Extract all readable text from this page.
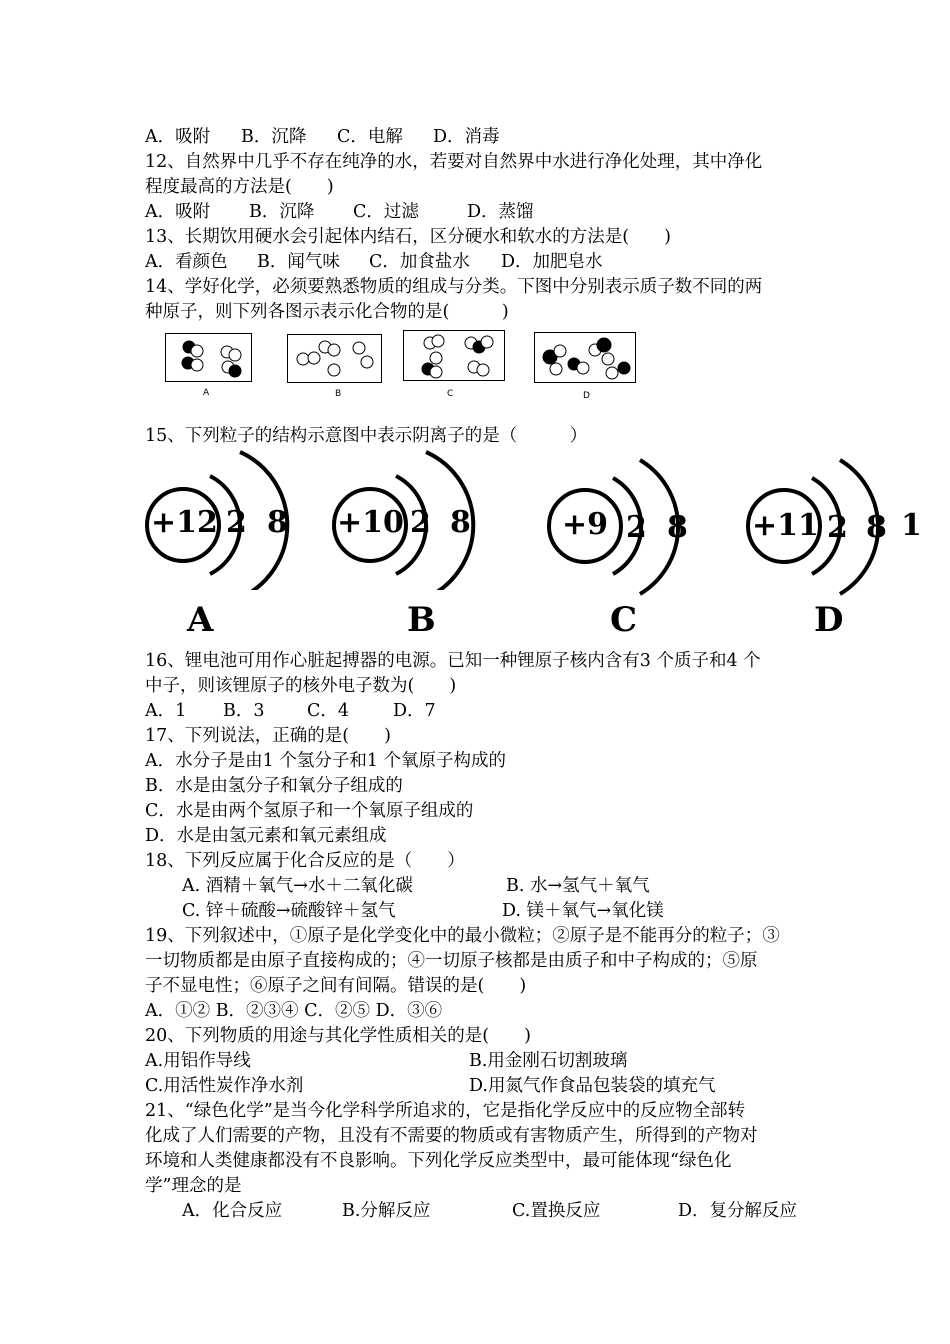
A．吸附 B．沉降 C．电解 D．消毒
12、自然界中几乎不存在纯净的水，若要对自然界中水进行净化处理，其中净化
程度最高的方法是(　　)
A．吸附 B．沉降 C．过滤	D．蒸馏
13、长期饮用硬水会引起体内结石，区分硬水和软水的方法是(　　)
A．看颜色 B．闻气味 C．加食盐水 D．加肥皂水
14、学好化学，必须要熟悉物质的组成与分类。下图中分别表示质子数不同的两
种原子，则下列各图示表示化合物的是(　　　)
A	B	C	D
15、下列粒子的结构示意图中表示阴离子的是（　　　）
+12 2 8
A
+10 2 8
B
+9 2 8
C
+11 2 8 1
D
16、锂电池可用作心脏起搏器的电源。已知一种锂原子核内含有3 个质子和4 个
中子，则该锂原子的核外电子数为(　　)
A．1 B．3 C．4	D．7
17、下列说法，正确的是(　　)
A．水分子是由1 个氢分子和1 个氧原子构成的
B．水是由氢分子和氧分子组成的
C．水是由两个氢原子和一个氧原子组成的
D．水是由氢元素和氧元素组成
18、下列反应属于化合反应的是（　　）
A. 酒精＋氧气→水＋二氧化碳	B. 水→氢气＋氧气
C. 锌＋硫酸→硫酸锌＋氢气	D. 镁＋氧气→氧化镁
19、下列叙述中，①原子是化学变化中的最小微粒；②原子是不能再分的粒子；③
一切物质都是由原子直接构成的；④一切原子核都是由质子和中子构成的；⑤原
子不显电性；⑥原子之间有间隔。错误的是(　　)
A．①② B．②③④ C．②⑤ D．③⑥
20、下列物质的用途与其化学性质相关的是(　　)
A.用铝作导线	B.用金刚石切割玻璃
C.用活性炭作净水剂	D.用氮气作食品包装袋的填充气
21、“绿色化学”是当今化学科学所追求的，它是指化学反应中的反应物全部转
化成了人们需要的产物，且没有不需要的物质或有害物质产生，所得到的产物对
环境和人类健康都没有不良影响。下列化学反应类型中，最可能体现“绿色化
学”理念的是
A．化合反应	B.分解反应	C.置换反应	D．复分解反应
